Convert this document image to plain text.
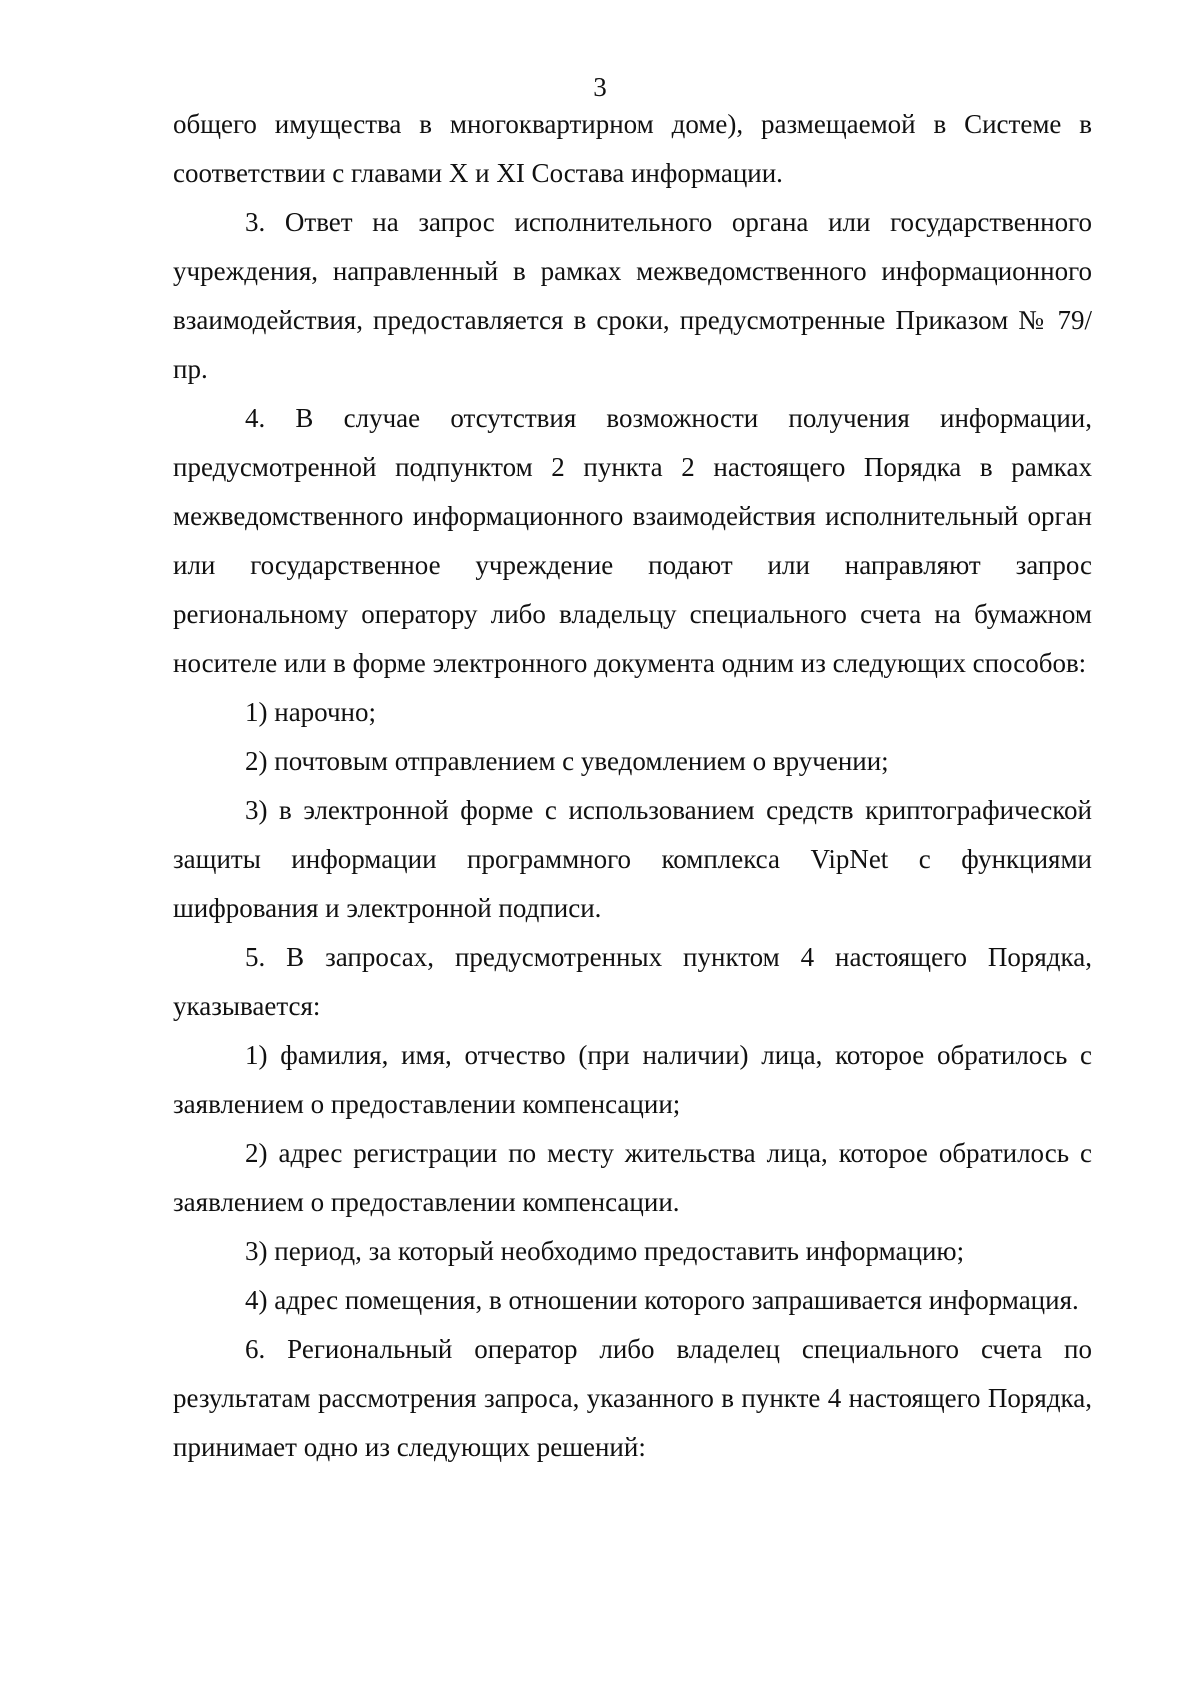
3

общего имущества в многоквартирном доме), размещаемой в Системе в соответствии с главами X и XI Состава информации.

3. Ответ на запрос исполнительного органа или государственного учреждения, направленный в рамках межведомственного информационного взаимодействия, предоставляется в сроки, предусмотренные Приказом № 79/пр.

4. В случае отсутствия возможности получения информации, предусмотренной подпунктом 2 пункта 2 настоящего Порядка в рамках межведомственного информационного взаимодействия исполнительный орган или государственное учреждение подают или направляют запрос региональному оператору либо владельцу специального счета на бумажном носителе или в форме электронного документа одним из следующих способов:

1) нарочно;

2) почтовым отправлением с уведомлением о вручении;

3) в электронной форме с использованием средств криптографической защиты информации программного комплекса VipNet с функциями шифрования и электронной подписи.

5. В запросах, предусмотренных пунктом 4 настоящего Порядка, указывается:

1) фамилия, имя, отчество (при наличии) лица, которое обратилось с заявлением о предоставлении компенсации;

2) адрес регистрации по месту жительства лица, которое обратилось с заявлением о предоставлении компенсации.

3) период, за который необходимо предоставить информацию;

4) адрес помещения, в отношении которого запрашивается информация.

6. Региональный оператор либо владелец специального счета по результатам рассмотрения запроса, указанного в пункте 4 настоящего Порядка, принимает одно из следующих решений:
